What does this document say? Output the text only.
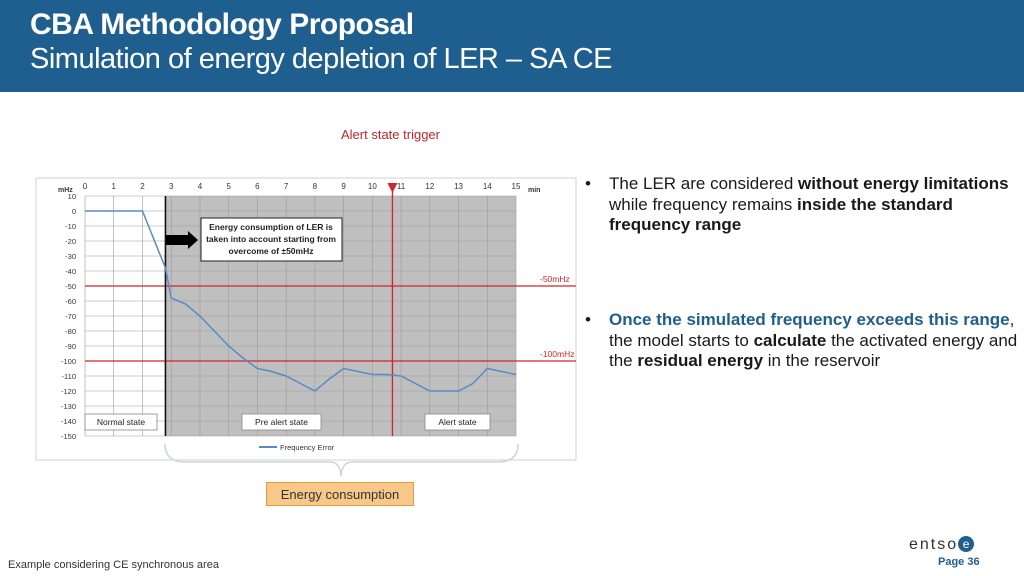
CBA Methodology Proposal
Simulation of energy depletion of LER – SA CE
Alert state trigger
0	1	2	3	4	5	6	7	8	9	10	11	12 13 14 15
10
0
-10
-20
-30
-40
-50
-60
-70
-80
-90
-100
-110
-120
-130
-140
-150
mHz	min
-50mHz
-100mHz
Energy consumption of LER is
taken into account starting from
overcome of ±50mHz
Normal state	Pre alert state	Alert state
Frequency Error
• The LER are considered without energy limitations while frequency remains inside the standard frequency range
• Once the simulated frequency exceeds this range, the model starts to calculate the activated energy and the residual energy in the reservoir
Energy consumption
Example considering CE synchronous area
entso e
Page 36
